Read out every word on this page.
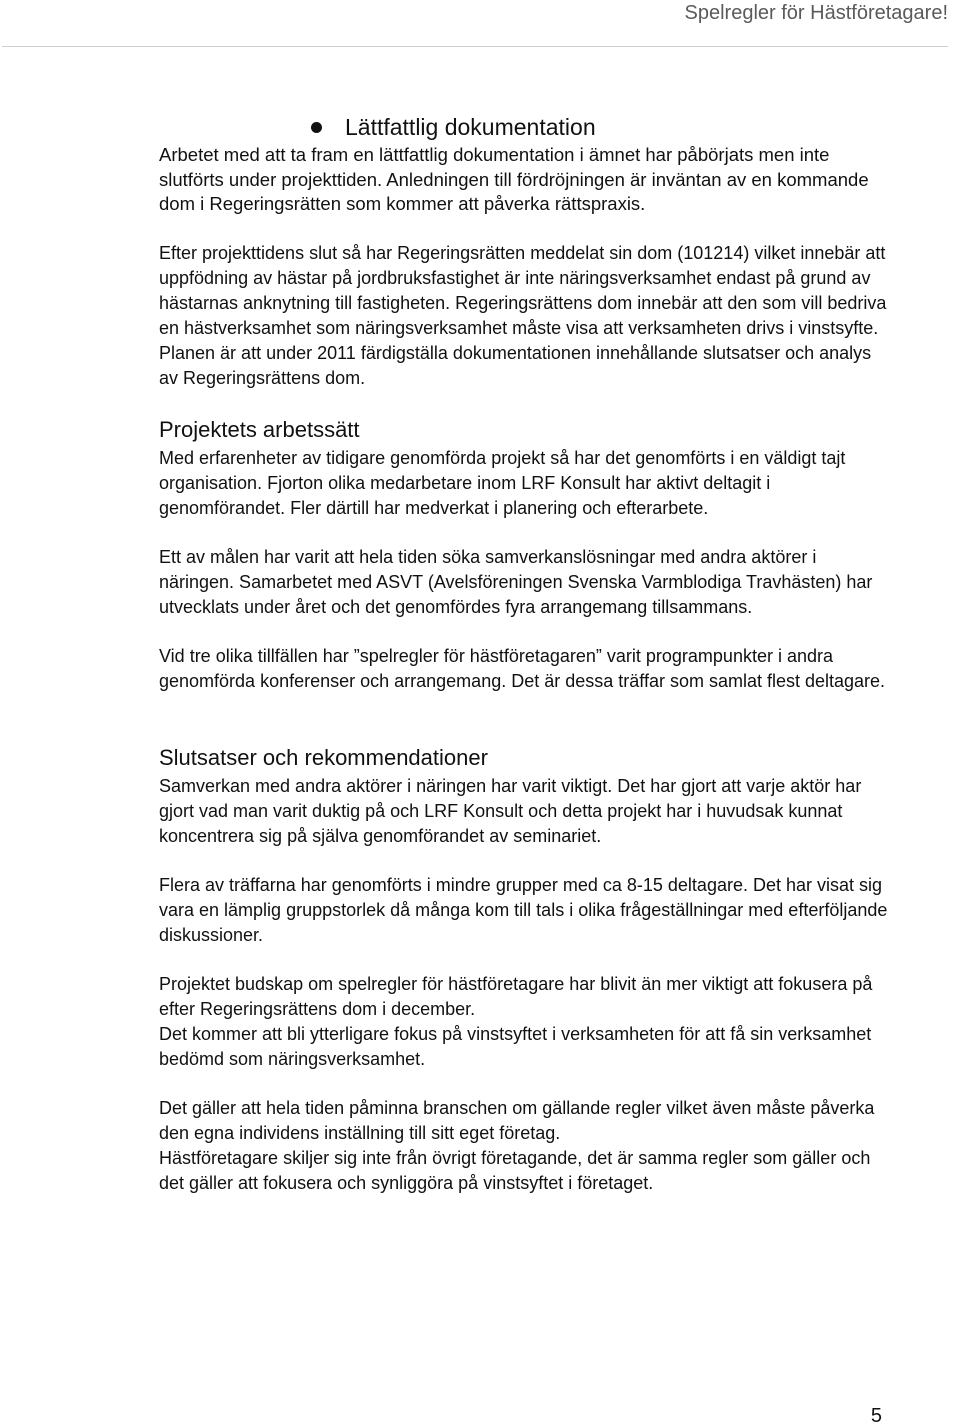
Spelregler för Hästföretagare!
Lättfattlig dokumentation

Arbetet med att ta fram en lättfattlig dokumentation i ämnet har påbörjats men inte slutförts under projekttiden. Anledningen till fördröjningen är inväntan av en kommande dom i Regeringsrätten som kommer att påverka rättspraxis.

Efter projekttidens slut så har Regeringsrätten meddelat sin dom (101214) vilket innebär att uppfödning av hästar på jordbruksfastighet är inte näringsverksamhet endast på grund av hästarnas anknytning till fastigheten. Regeringsrättens dom innebär att den som vill bedriva en hästverksamhet som näringsverksamhet måste visa att verksamheten drivs i vinstsyfte. Planen är att under 2011 färdigställa dokumentationen innehållande slutsatser och analys av Regeringsrättens dom.

Projektets arbetssätt

Med erfarenheter av tidigare genomförda projekt så har det genomförts i en väldigt tajt organisation. Fjorton olika medarbetare inom LRF Konsult har aktivt deltagit i genomförandet. Fler därtill har medverkat i planering och efterarbete.

Ett av målen har varit att hela tiden söka samverkanslösningar med andra aktörer i näringen. Samarbetet med ASVT (Avelsföreningen Svenska Varmblodiga Travhästen) har utvecklats under året och det genomfördes fyra arrangemang tillsammans.

Vid tre olika tillfällen har ”spelregler för hästföretagaren” varit programpunkter i andra genomförda konferenser och arrangemang. Det är dessa träffar som samlat flest deltagare.

Slutsatser och rekommendationer

Samverkan med andra aktörer i näringen har varit viktigt. Det har gjort att varje aktör har gjort vad man varit duktig på och LRF Konsult och detta projekt har i huvudsak kunnat koncentrera sig på själva genomförandet av seminariet.

Flera av träffarna har genomförts i mindre grupper med ca 8-15 deltagare. Det har visat sig vara en lämplig gruppstorlek då många kom till tals i olika frågeställningar med efterföljande diskussioner.

Projektet budskap om spelregler för hästföretagare har blivit än mer viktigt att fokusera på efter Regeringsrättens dom i december.

Det kommer att bli ytterligare fokus på vinstsyftet i verksamheten för att få sin verksamhet bedömd som näringsverksamhet.

Det gäller att hela tiden påminna branschen om gällande regler vilket även måste påverka den egna individens inställning till sitt eget företag.

Hästföretagare skiljer sig inte från övrigt företagande, det är samma regler som gäller och det gäller att fokusera och synliggöra på vinstsyftet i företaget.

5
